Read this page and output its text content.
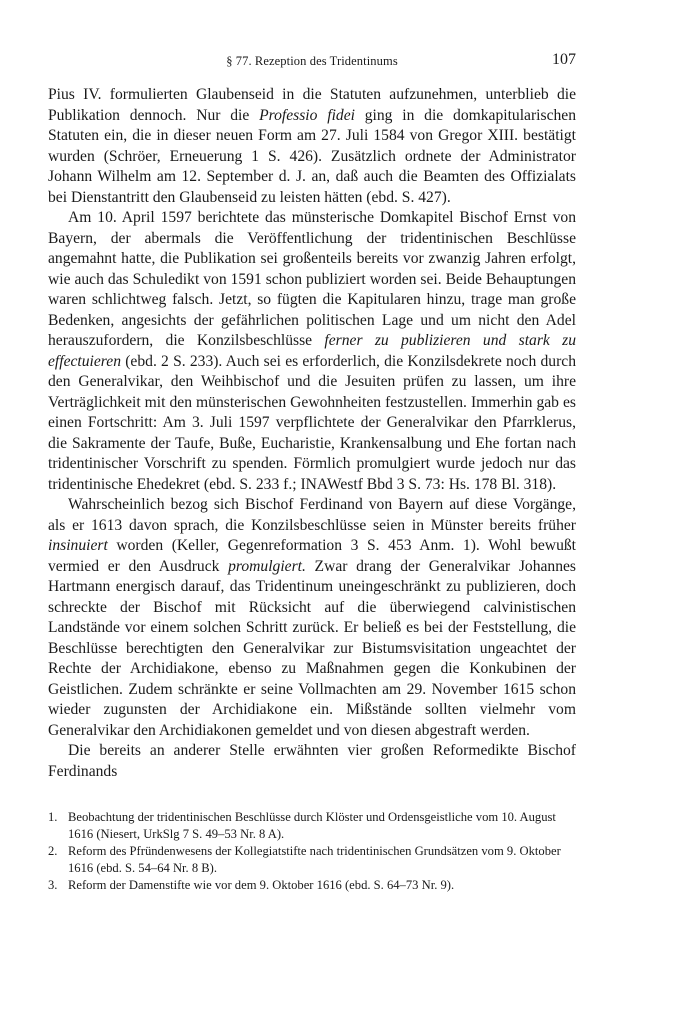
§ 77. Rezeption des Tridentinums	107

Pius IV. formulierten Glaubenseid in die Statuten aufzunehmen, unterblieb die Publikation dennoch. Nur die Professio fidei ging in die domkapitularischen Statuten ein, die in dieser neuen Form am 27. Juli 1584 von Gregor XIII. bestätigt wurden (Schröer, Erneuerung 1 S. 426). Zusätzlich ordnete der Administrator Johann Wilhelm am 12. September d. J. an, daß auch die Beamten des Offizialats bei Dienstantritt den Glaubenseid zu leisten hätten (ebd. S. 427).

Am 10. April 1597 berichtete das münsterische Domkapitel Bischof Ernst von Bayern, der abermals die Veröffentlichung der tridentinischen Beschlüsse angemahnt hatte, die Publikation sei großenteils bereits vor zwanzig Jahren erfolgt, wie auch das Schuledikt von 1591 schon publiziert worden sei. Beide Behauptungen waren schlichtweg falsch. Jetzt, so fügten die Kapitularen hinzu, trage man große Bedenken, angesichts der gefährlichen politischen Lage und um nicht den Adel herauszufordern, die Konzilsbeschlüsse ferner zu publizieren und stark zu effectuieren (ebd. 2 S. 233). Auch sei es erforderlich, die Konzilsdekrete noch durch den Generalvikar, den Weihbischof und die Jesuiten prüfen zu lassen, um ihre Verträglichkeit mit den münsterischen Gewohnheiten festzustellen. Immerhin gab es einen Fortschritt: Am 3. Juli 1597 verpflichtete der Generalvikar den Pfarrklerus, die Sakramente der Taufe, Buße, Eucharistie, Krankensalbung und Ehe fortan nach tridentinischer Vorschrift zu spenden. Förmlich promulgiert wurde jedoch nur das tridentinische Ehedekret (ebd. S. 233 f.; INAWestf Bbd 3 S. 73: Hs. 178 Bl. 318).

Wahrscheinlich bezog sich Bischof Ferdinand von Bayern auf diese Vorgänge, als er 1613 davon sprach, die Konzilsbeschlüsse seien in Münster bereits früher insinuiert worden (Keller, Gegenreformation 3 S. 453 Anm. 1). Wohl bewußt vermied er den Ausdruck promulgiert. Zwar drang der Generalvikar Johannes Hartmann energisch darauf, das Tridentinum uneingeschränkt zu publizieren, doch schreckte der Bischof mit Rücksicht auf die überwiegend calvinistischen Landstände vor einem solchen Schritt zurück. Er beließ es bei der Feststellung, die Beschlüsse berechtigten den Generalvikar zur Bistumsvisitation ungeachtet der Rechte der Archidiakone, ebenso zu Maßnahmen gegen die Konkubinen der Geistlichen. Zudem schränkte er seine Vollmachten am 29. November 1615 schon wieder zugunsten der Archidiakone ein. Mißstände sollten vielmehr vom Generalvikar den Archidiakonen gemeldet und von diesen abgestraft werden.

Die bereits an anderer Stelle erwähnten vier großen Reformedikte Bischof Ferdinands

1. Beobachtung der tridentinischen Beschlüsse durch Klöster und Ordensgeistliche vom 10. August 1616 (Niesert, UrkSlg 7 S. 49–53 Nr. 8 A).
2. Reform des Pfründenwesens der Kollegiatstifte nach tridentinischen Grundsätzen vom 9. Oktober 1616 (ebd. S. 54–64 Nr. 8 B).
3. Reform der Damenstifte wie vor dem 9. Oktober 1616 (ebd. S. 64–73 Nr. 9).
